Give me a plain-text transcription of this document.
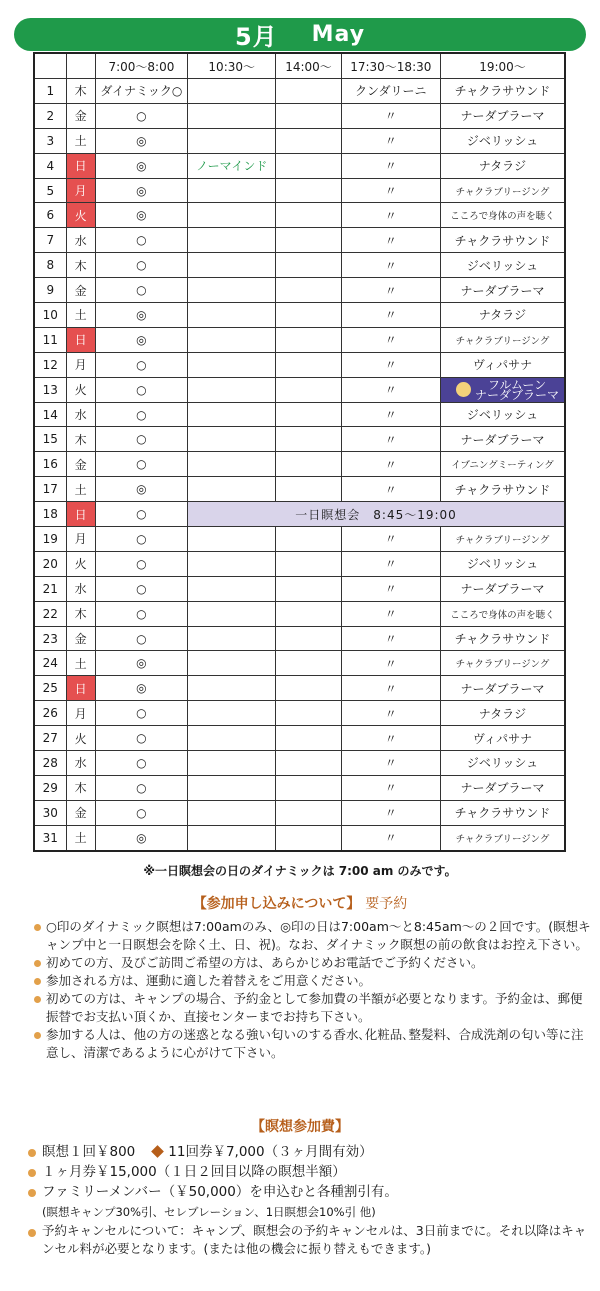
5月 May
		7:00〜8:00	10:30〜	14:00〜	17:30〜18:30	19:00〜
1	木	ダイナミック○			クンダリーニ	チャクラサウンド
2	金	○			〃	ナーダブラーマ
3	土	◎			〃	ジベリッシュ
4	日	◎	ノーマインド		〃	ナタラジ
5	月	◎			〃	チャクラブリージング
6	火	◎			〃	こころで身体の声を聴く
7	水	○			〃	チャクラサウンド
8	木	○			〃	ジベリッシュ
9	金	○			〃	ナーダブラーマ
10	土	◎			〃	ナタラジ
11	日	◎			〃	チャクラブリージング
12	月	○			〃	ヴィパサナ
13	火	○			〃	フルムーン
ナーダブラーマ
14	水	○			〃	ジベリッシュ
15	木	○			〃	ナーダブラーマ
16	金	○			〃	イブニングミーティング
17	土	◎			〃	チャクラサウンド
18	日	○	一日瞑想会　8:45〜19:00			
19	月	○			〃	チャクラブリージング
20	火	○			〃	ジベリッシュ
21	水	○			〃	ナーダブラーマ
22	木	○			〃	こころで身体の声を聴く
23	金	○			〃	チャクラサウンド
24	土	◎			〃	チャクラブリージング
25	日	◎			〃	ナーダブラーマ
26	月	○			〃	ナタラジ
27	火	○			〃	ヴィパサナ
28	水	○			〃	ジベリッシュ
29	木	○			〃	ナーダブラーマ
30	金	○			〃	チャクラサウンド
31	土	◎			〃	チャクラブリージング
※一日瞑想会の日のダイナミックは 7:00 am のみです。
【参加申し込みについて】 要予約
○印のダイナミック瞑想は7:00amのみ、◎印の日は7:00am〜と8:45am〜の２回です。(瞑想キャンプ中と一日瞑想会を除く土、日、祝)。なお、ダイナミック瞑想の前の飲食はお控え下さい。
初めての方、及びご訪問ご希望の方は、あらかじめお電話でご予約ください。
参加される方は、運動に適した着替えをご用意ください。
初めての方は、キャンプの場合、予約金として参加費の半額が必要となります。予約金は、郵便振替でお支払い頂くか、直接センターまでお持ち下さい。
参加する人は、他の方の迷惑となる強い匂いのする香水､化粧品､整髪料、合成洗剤の匂い等に注意し、清潔であるように心がけて下さい。
【瞑想参加費】
瞑想１回￥800 11回券￥7,000（３ヶ月間有効）
１ヶ月券￥15,000（１日２回目以降の瞑想半額）
ファミリーメンバー（￥50,000）を申込むと各種割引有。
(瞑想キャンプ30%引、セレブレーション、1日瞑想会10%引 他)
予約キャンセルについて：キャンプ、瞑想会の予約キャンセルは、3日前までに。それ以降はキャンセル料が必要となります。(または他の機会に振り替えもできます。)
